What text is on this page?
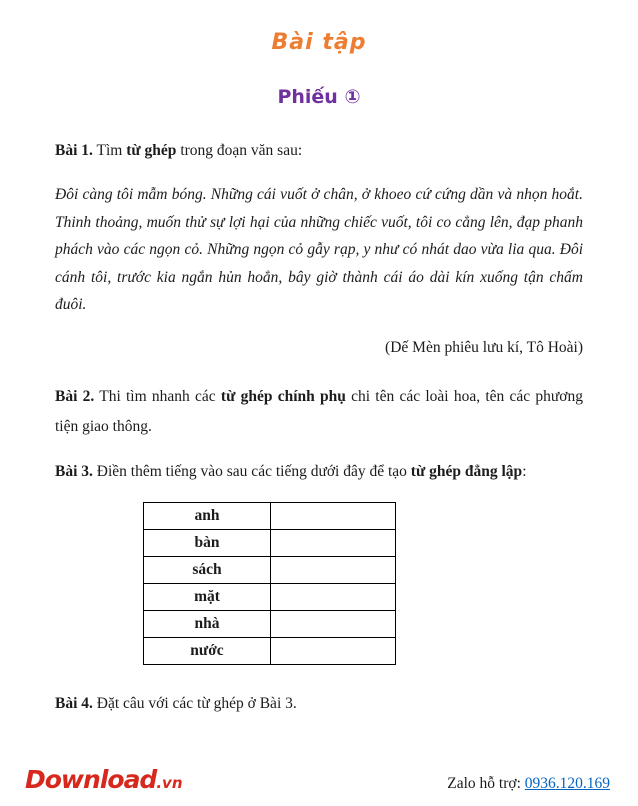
Bài tập
Phiếu ①

Bài 1. Tìm từ ghép trong đoạn văn sau:

Đôi càng tôi mẫm bóng. Những cái vuốt ở chân, ở khoeo cứ cứng dần và nhọn hoắt. Thinh thoảng, muốn thử sự lợi hại của những chiếc vuốt, tôi co cẳng lên, đạp phanh phách vào các ngọn cỏ. Những ngọn cỏ gẫy rạp, y như có nhát dao vừa lia qua. Đôi cánh tôi, trước kia ngắn hủn hoẳn, bây giờ thành cái áo dài kín xuống tận chấm đuôi.

(Dế Mèn phiêu lưu kí, Tô Hoài)

Bài 2. Thi tìm nhanh các từ ghép chính phụ chi tên các loài hoa, tên các phương tiện giao thông.

Bài 3. Điền thêm tiếng vào sau các tiếng dưới đây để tạo từ ghép đẳng lập:

anh	
bàn	
sách	
mặt	
nhà	
nước	

Bài 4. Đặt câu với các từ ghép ở Bài 3.

Download.vn	Zalo hỗ trợ: 0936.120.169
